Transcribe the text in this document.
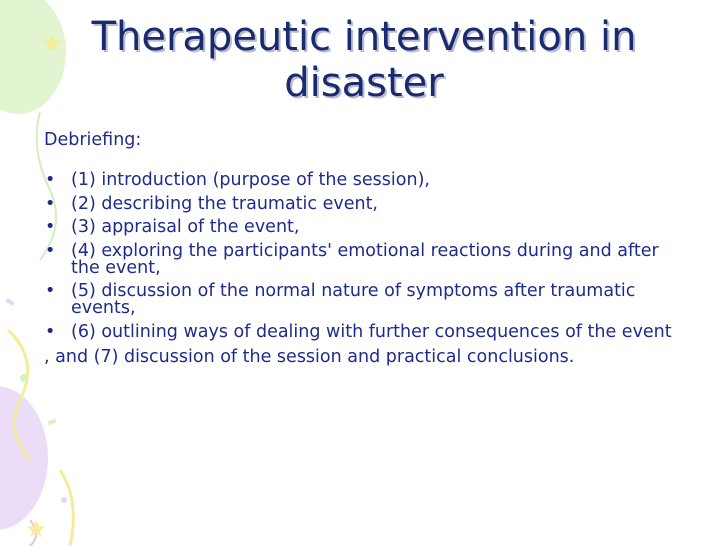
Therapeutic intervention in disaster

Debriefing:

• (1) introduction (purpose of the session),
• (2) describing the traumatic event,
• (3) appraisal of the event,
• (4) exploring the participants' emotional reactions during and after the event,
• (5) discussion of the normal nature of symptoms after traumatic events,
• (6) outlining ways of dealing with further consequences of the event

, and (7) discussion of the session and practical conclusions.
